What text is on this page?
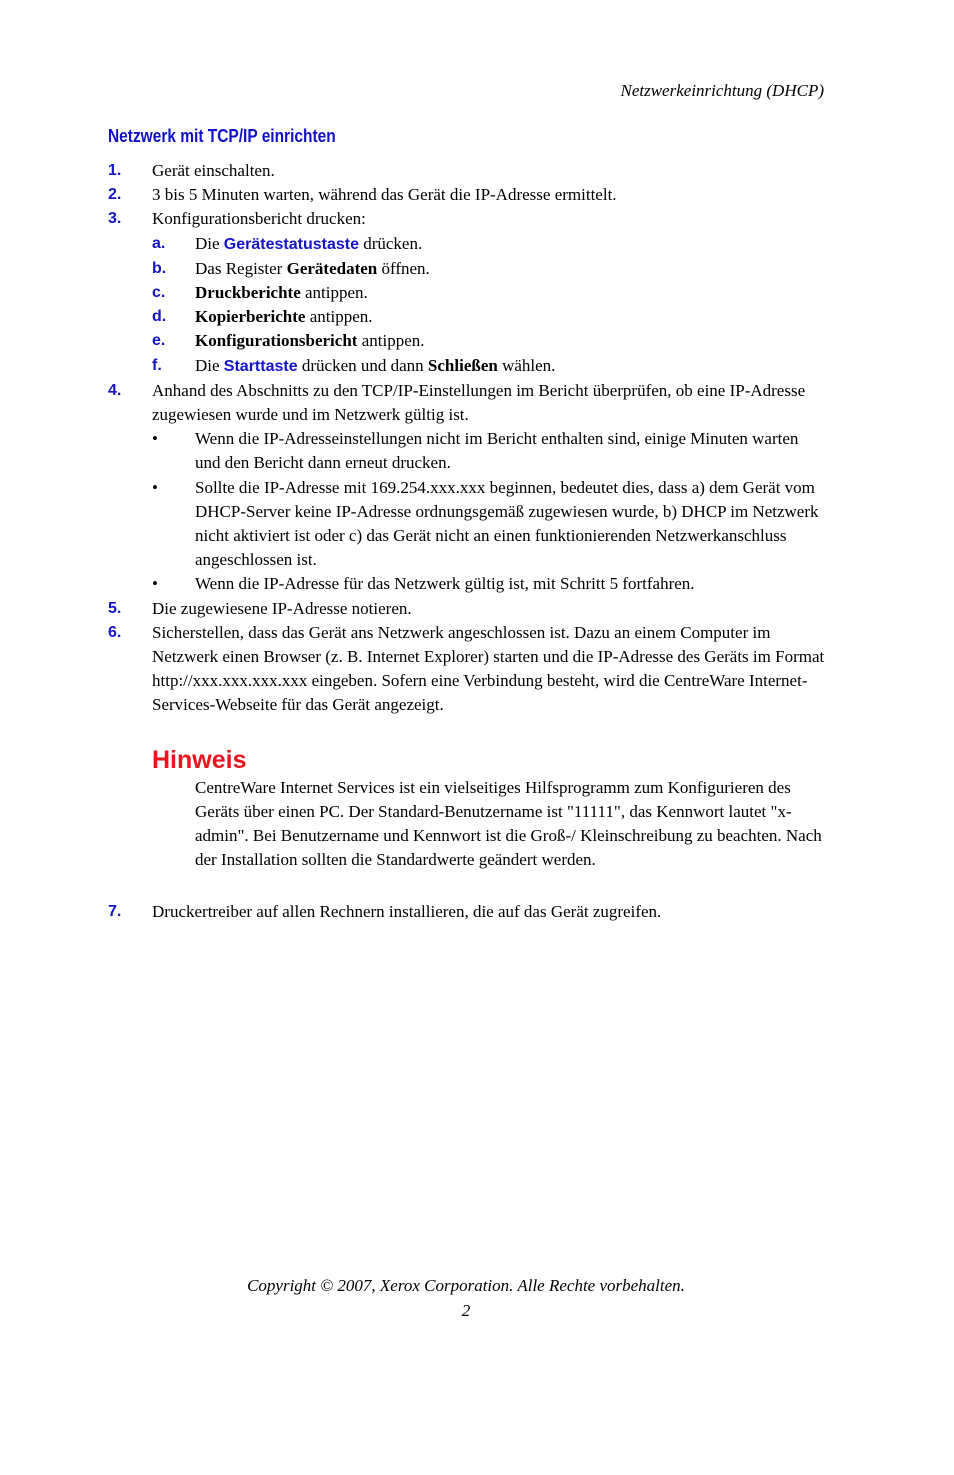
Netzwerkeinrichtung (DHCP)
Netzwerk mit TCP/IP einrichten
1. Gerät einschalten.
2. 3 bis 5 Minuten warten, während das Gerät die IP-Adresse ermittelt.
3. Konfigurationsbericht drucken:
a. Die Gerätestatustaste drücken.
b. Das Register Gerätedaten öffnen.
c. Druckberichte antippen.
d. Kopierberichte antippen.
e. Konfigurationsbericht antippen.
f. Die Starttaste drücken und dann Schließen wählen.
4. Anhand des Abschnitts zu den TCP/IP-Einstellungen im Bericht überprüfen, ob eine IP-Adresse zugewiesen wurde und im Netzwerk gültig ist.
• Wenn die IP-Adresseinstellungen nicht im Bericht enthalten sind, einige Minuten warten und den Bericht dann erneut drucken.
• Sollte die IP-Adresse mit 169.254.xxx.xxx beginnen, bedeutet dies, dass a) dem Gerät vom DHCP-Server keine IP-Adresse ordnungsgemäß zugewiesen wurde, b) DHCP im Netzwerk nicht aktiviert ist oder c) das Gerät nicht an einen funktionierenden Netzwerkanschluss angeschlossen ist.
• Wenn die IP-Adresse für das Netzwerk gültig ist, mit Schritt 5 fortfahren.
5. Die zugewiesene IP-Adresse notieren.
6. Sicherstellen, dass das Gerät ans Netzwerk angeschlossen ist. Dazu an einem Computer im Netzwerk einen Browser (z. B. Internet Explorer) starten und die IP-Adresse des Geräts im Format http://xxx.xxx.xxx.xxx eingeben. Sofern eine Verbindung besteht, wird die CentreWare Internet-Services-Webseite für das Gerät angezeigt.
Hinweis
CentreWare Internet Services ist ein vielseitiges Hilfsprogramm zum Konfigurieren des Geräts über einen PC. Der Standard-Benutzername ist "11111", das Kennwort lautet "x-admin". Bei Benutzername und Kennwort ist die Groß-/ Kleinschreibung zu beachten. Nach der Installation sollten die Standardwerte geändert werden.
7. Druckertreiber auf allen Rechnern installieren, die auf das Gerät zugreifen.
Copyright © 2007, Xerox Corporation. Alle Rechte vorbehalten.
2
